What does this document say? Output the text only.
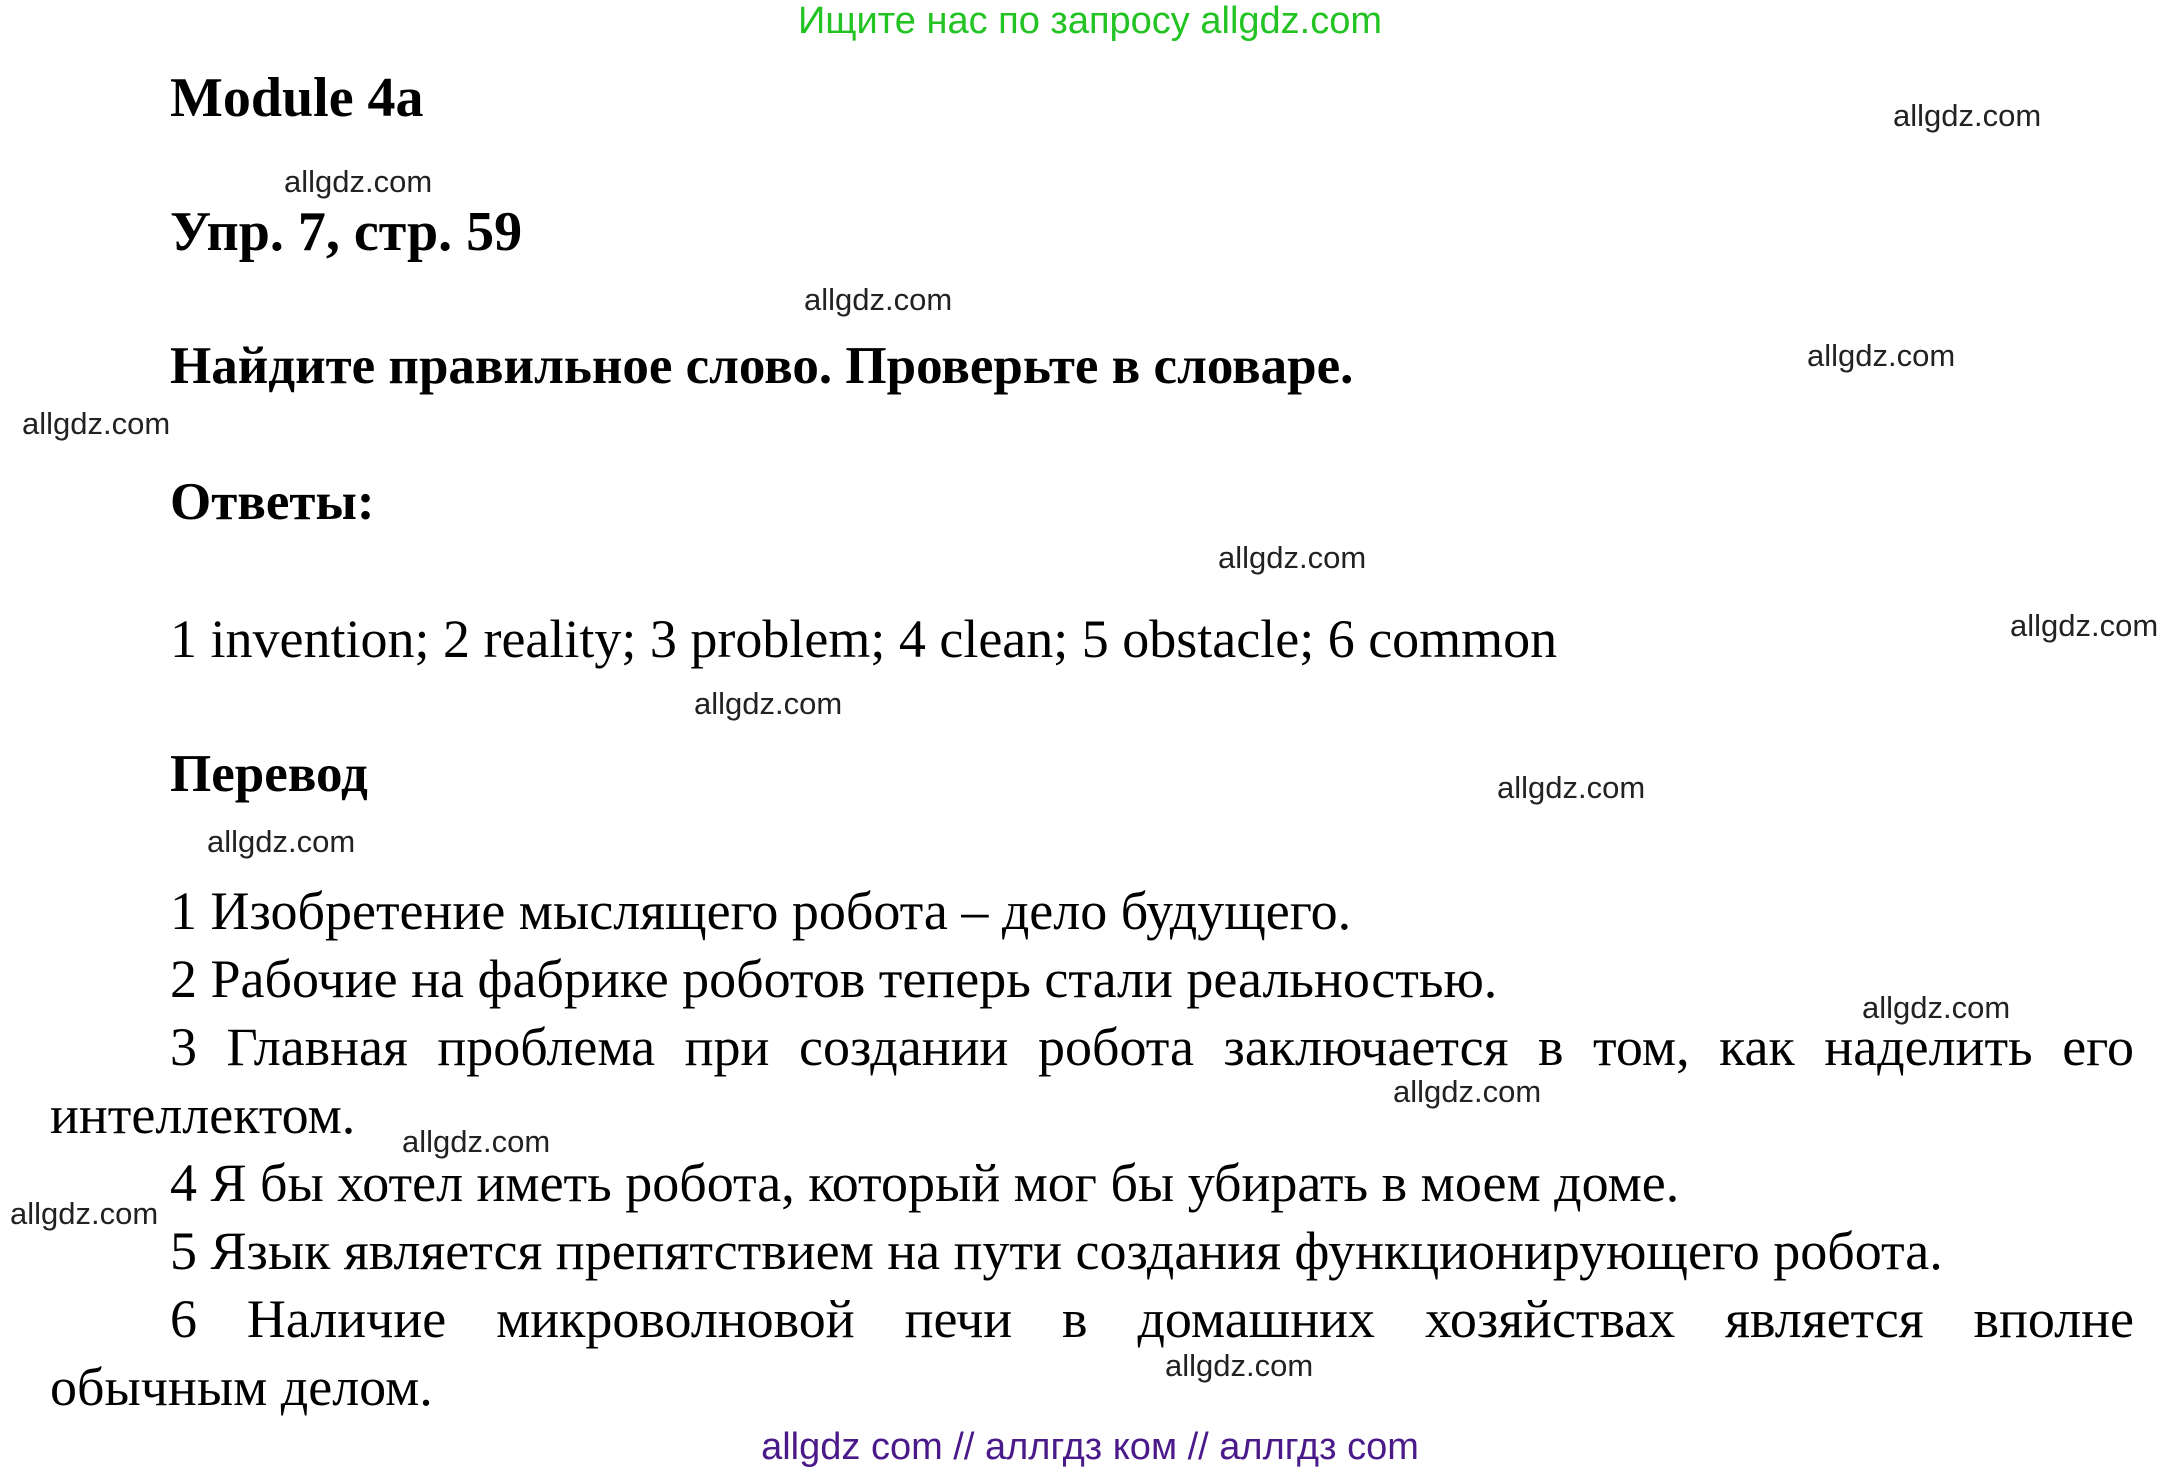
Ищите нас по запросу allgdz.com
Module 4a
Упр. 7, стр. 59
Найдите правильное слово. Проверьте в словаре.
Ответы:

1 invention; 2 reality; 3 problem; 4 clean; 5 obstacle; 6 common

Перевод

1 Изобретение мыслящего робота – дело будущего.

2 Рабочие на фабрике роботов теперь стали реальностью.

3 Главная проблема при создании робота заключается в том, как наделить его

интеллектом.

4 Я бы хотел иметь робота, который мог бы убирать в моем доме.

5 Язык является препятствием на пути создания функционирующего робота.

6 Наличие микроволновой печи в домашних хозяйствах является вполне

обычным делом.

allgdz.com
allgdz.com
allgdz.com
allgdz.com
allgdz.com
allgdz.com
allgdz.com
allgdz.com
allgdz.com
allgdz.com
allgdz.com
allgdz.com
allgdz.com
allgdz.com
allgdz.com
allgdz com // аллгдз ком // аллгдз com
